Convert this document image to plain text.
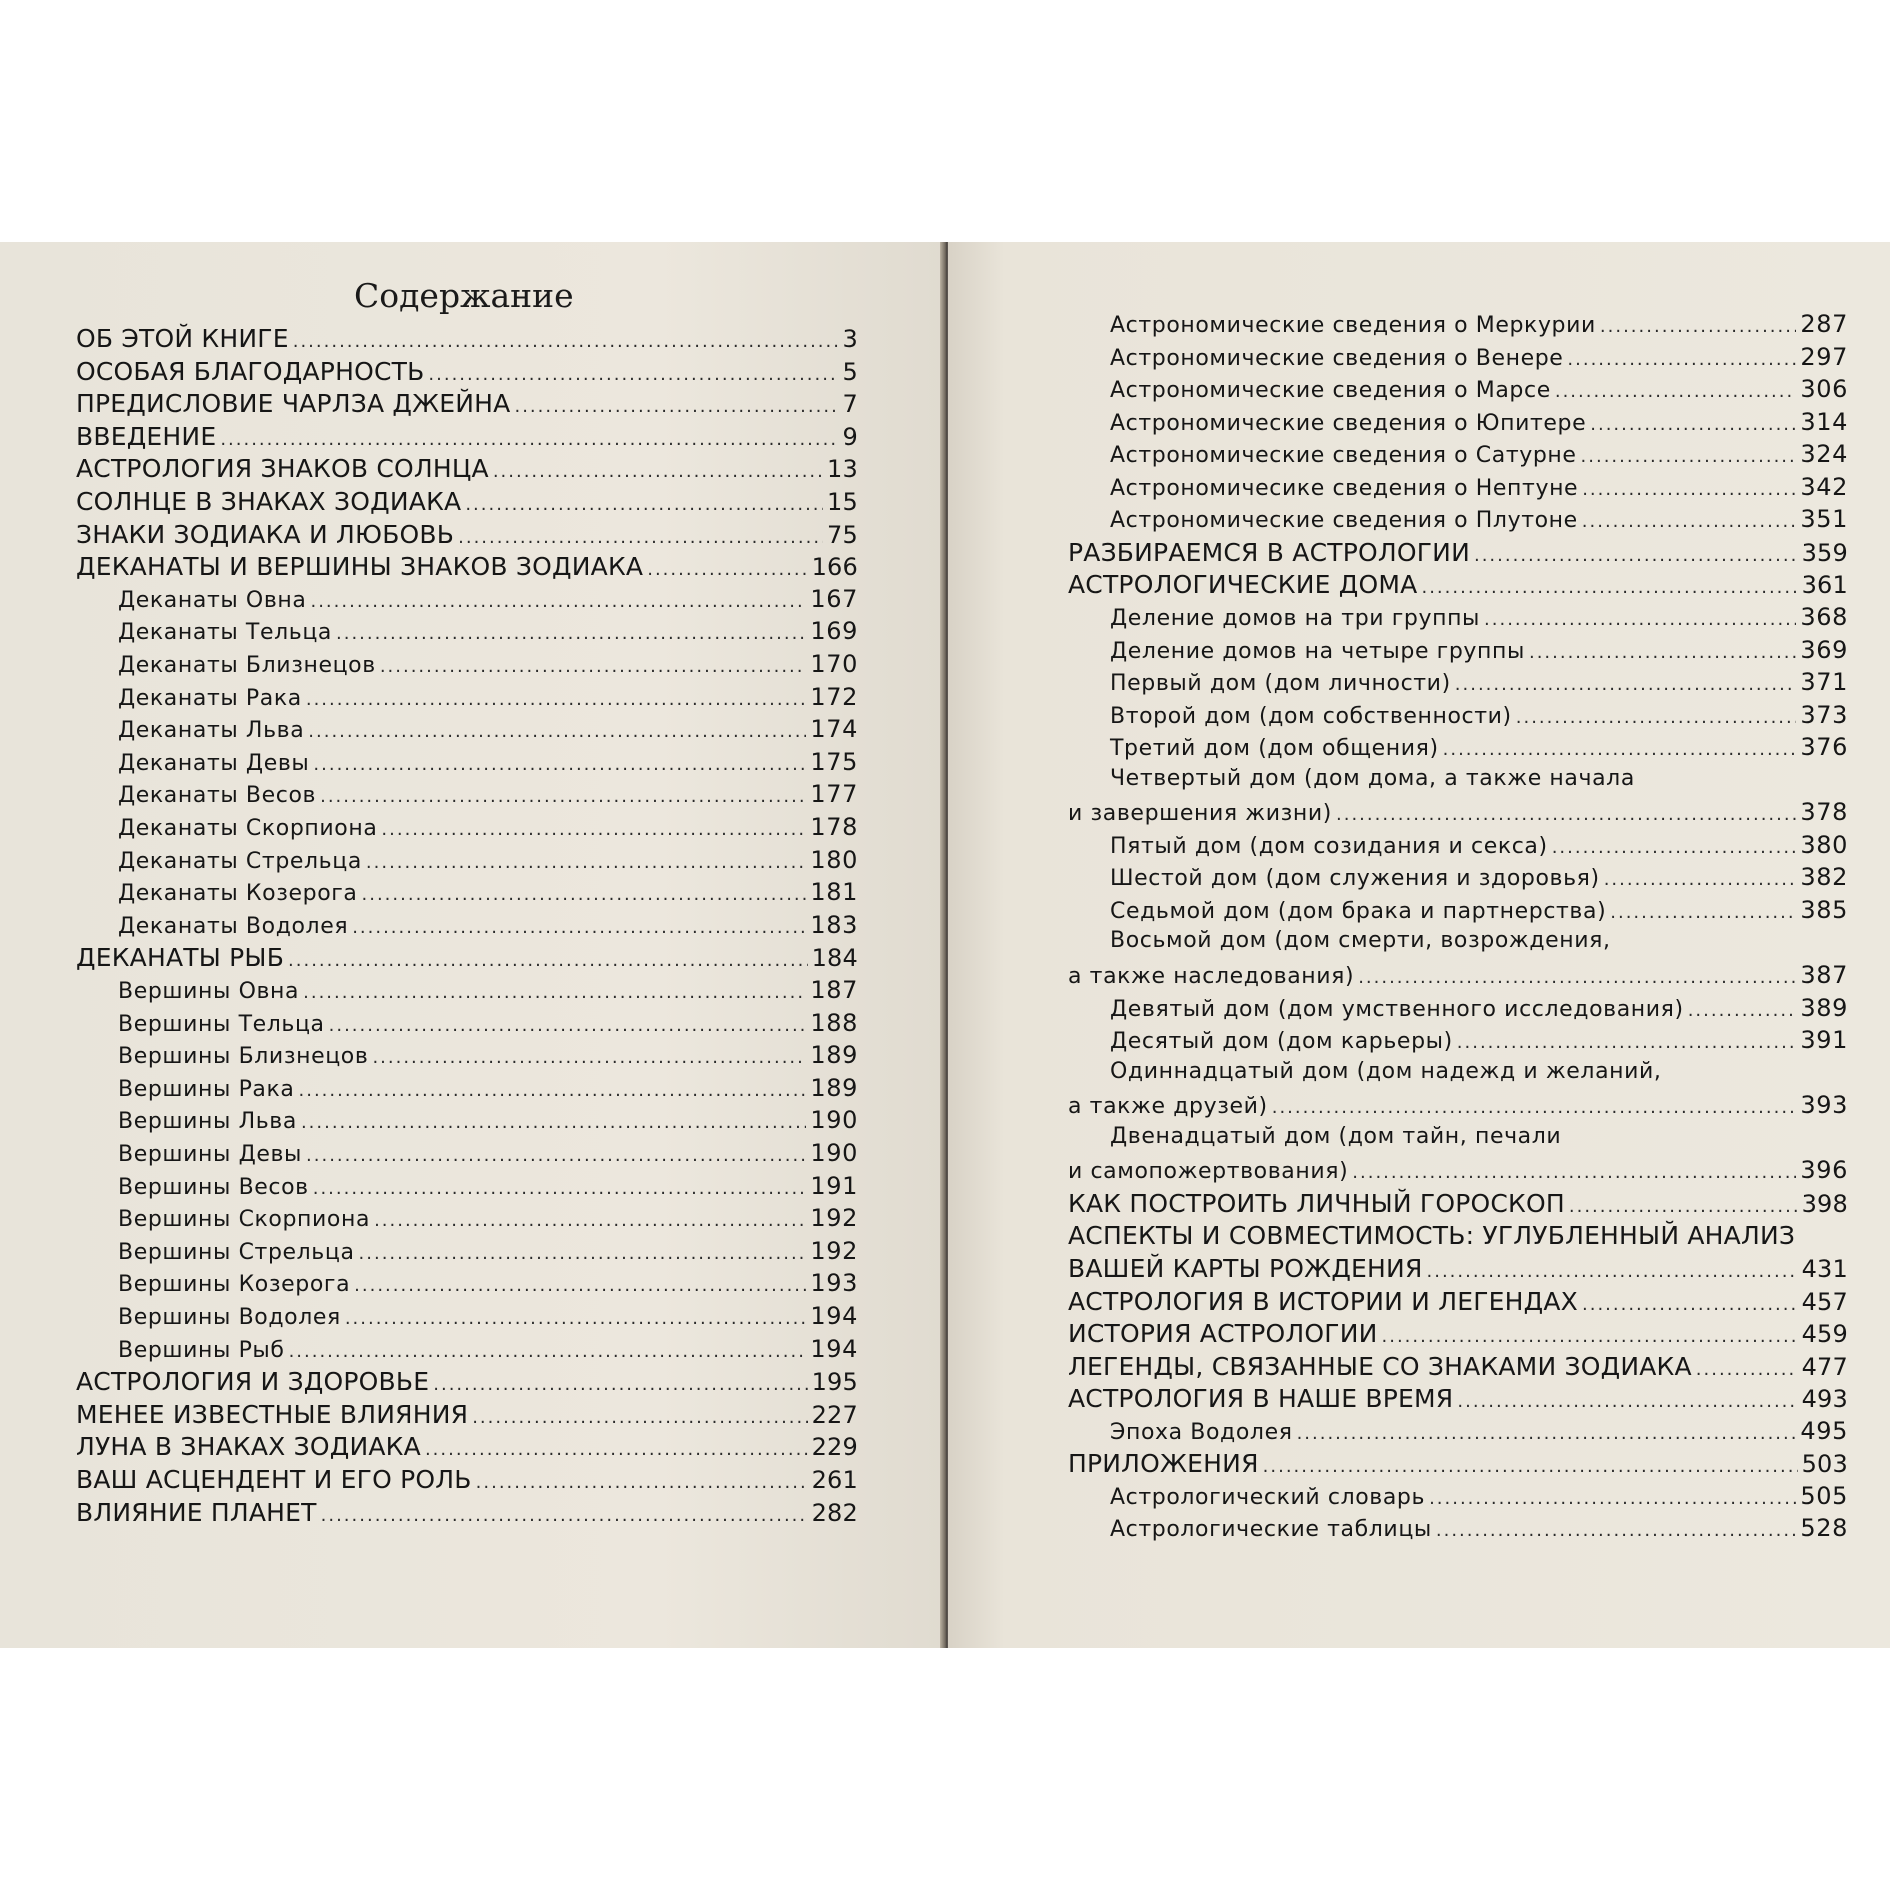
Содержание
ОБ ЭТОЙ КНИГЕ .....	3
ОСОБАЯ БЛАГОДАРНОСТЬ .....	5
ПРЕДИСЛОВИЕ ЧАРЛЗА ДЖЕЙНА .....	7
ВВЕДЕНИЕ .....	9
АСТРОЛОГИЯ ЗНАКОВ СОЛНЦА .....	13
СОЛНЦЕ В ЗНАКАХ ЗОДИАКА .....	15
ЗНАКИ ЗОДИАКА И ЛЮБОВЬ .....	75
ДЕКАНАТЫ И ВЕРШИНЫ ЗНАКОВ ЗОДИАКА .....	166
Деканаты Овна .....	167
Деканаты Тельца .....	169
Деканаты Близнецов .....	170
Деканаты Рака .....	172
Деканаты Льва .....	174
Деканаты Девы .....	175
Деканаты Весов .....	177
Деканаты Скорпиона .....	178
Деканаты Стрельца .....	180
Деканаты Козерога .....	181
Деканаты Водолея .....	183
ДЕКАНАТЫ РЫБ .....	184
Вершины Овна .....	187
Вершины Тельца .....	188
Вершины Близнецов .....	189
Вершины Рака .....	189
Вершины Льва .....	190
Вершины Девы .....	190
Вершины Весов .....	191
Вершины Скорпиона .....	192
Вершины Стрельца .....	192
Вершины Козерога .....	193
Вершины Водолея .....	194
Вершины Рыб .....	194
АСТРОЛОГИЯ И ЗДОРОВЬЕ .....	195
МЕНЕЕ ИЗВЕСТНЫЕ ВЛИЯНИЯ .....	227
ЛУНА В ЗНАКАХ ЗОДИАКА .....	229
ВАШ АСЦЕНДЕНТ И ЕГО РОЛЬ .....	261
ВЛИЯНИЕ ПЛАНЕТ .....	282
Астрономические сведения о Меркурии .....	287
Астрономические сведения о Венере .....	297
Астрономические сведения о Марсе .....	306
Астрономические сведения о Юпитере .....	314
Астрономические сведения о Сатурне .....	324
Астрономичесике сведения о Нептуне .....	342
Астрономические сведения о Плутоне .....	351
РАЗБИРАЕМСЯ В АСТРОЛОГИИ .....	359
АСТРОЛОГИЧЕСКИЕ ДОМА .....	361
Деление домов на три группы .....	368
Деление домов на четыре группы .....	369
Первый дом (дом личности) .....	371
Второй дом (дом собственности) .....	373
Третий дом (дом общения) .....	376
Четвертый дом (дом дома, а также начала
и завершения жизни) .....	378
Пятый дом (дом созидания и секса) .....	380
Шестой дом (дом служения и здоровья) .....	382
Седьмой дом (дом брака и партнерства) .....	385
Восьмой дом (дом смерти, возрождения,
а также наследования) .....	387
Девятый дом (дом умственного исследования) .....	389
Десятый дом (дом карьеры) .....	391
Одиннадцатый дом (дом надежд и желаний,
а также друзей) .....	393
Двенадцатый дом (дом тайн, печали
и самопожертвования) .....	396
КАК ПОСТРОИТЬ ЛИЧНЫЙ ГОРОСКОП .....	398
АСПЕКТЫ И СОВМЕСТИМОСТЬ: УГЛУБЛЕННЫЙ АНАЛИЗ
ВАШЕЙ КАРТЫ РОЖДЕНИЯ .....	431
АСТРОЛОГИЯ В ИСТОРИИ И ЛЕГЕНДАХ .....	457
ИСТОРИЯ АСТРОЛОГИИ .....	459
ЛЕГЕНДЫ, СВЯЗАННЫЕ СО ЗНАКАМИ ЗОДИАКА .....	477
АСТРОЛОГИЯ В НАШЕ ВРЕМЯ .....	493
Эпоха Водолея .....	495
ПРИЛОЖЕНИЯ .....	503
Астрологический словарь .....	505
Астрологические таблицы .....	528
